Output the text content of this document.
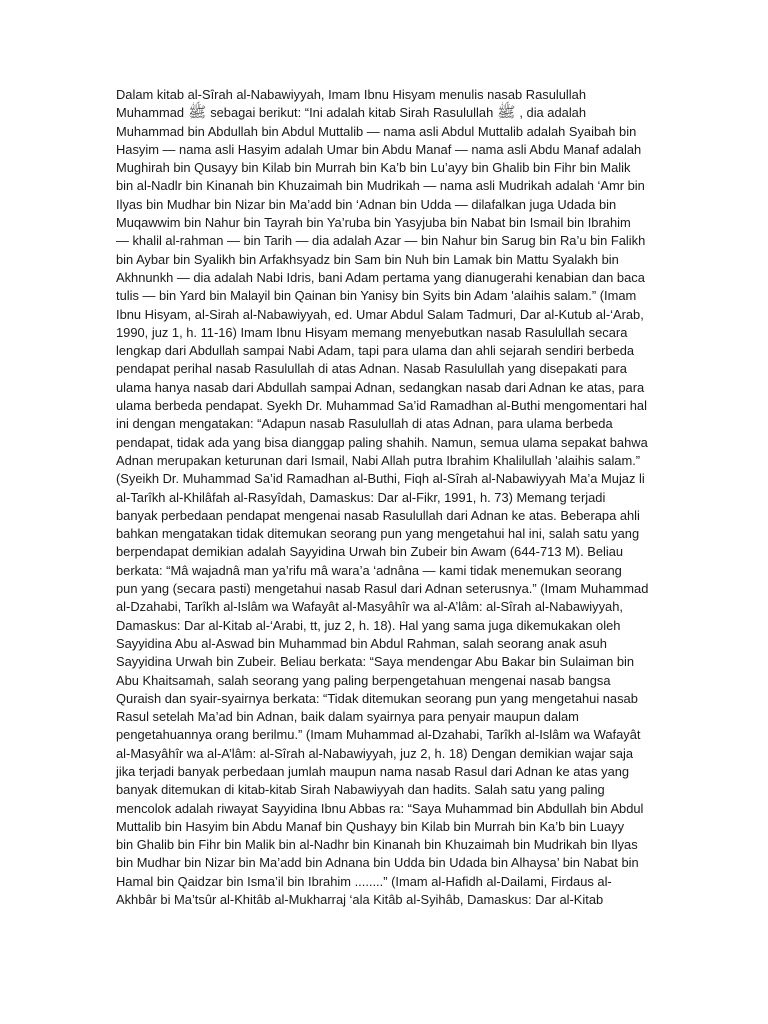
Dalam kitab al-Sîrah al-Nabawiyyah, Imam Ibnu Hisyam menulis nasab Rasulullah
Muhammad ﷺ sebagai berikut: “Ini adalah kitab Sirah Rasulullah ﷺ , dia adalah
Muhammad bin Abdullah bin Abdul Muttalib — nama asli Abdul Muttalib adalah Syaibah bin
Hasyim — nama asli Hasyim adalah Umar bin Abdu Manaf — nama asli Abdu Manaf adalah
Mughirah bin Qusayy bin Kilab bin Murrah bin Ka’b bin Lu’ayy bin Ghalib bin Fihr bin Malik
bin al-Nadlr bin Kinanah bin Khuzaimah bin Mudrikah — nama asli Mudrikah adalah ‘Amr bin
Ilyas bin Mudhar bin Nizar bin Ma’add bin ‘Adnan bin Udda — dilafalkan juga Udada bin
Muqawwim bin Nahur bin Tayrah bin Ya’ruba bin Yasyjuba bin Nabat bin Ismail bin Ibrahim
— khalil al-rahman — bin Tarih — dia adalah Azar — bin Nahur bin Sarug bin Ra’u bin Falikh
bin Aybar bin Syalikh bin Arfakhsyadz bin Sam bin Nuh bin Lamak bin Mattu Syalakh bin
Akhnunkh — dia adalah Nabi Idris, bani Adam pertama yang dianugerahi kenabian dan baca
tulis — bin Yard bin Malayil bin Qainan bin Yanisy bin Syits bin Adam 'alaihis salam.” (Imam
Ibnu Hisyam, al-Sirah al-Nabawiyyah, ed. Umar Abdul Salam Tadmuri, Dar al-Kutub al-‘Arab,
1990, juz 1, h. 11-16) Imam Ibnu Hisyam memang menyebutkan nasab Rasulullah secara
lengkap dari Abdullah sampai Nabi Adam, tapi para ulama dan ahli sejarah sendiri berbeda
pendapat perihal nasab Rasulullah di atas Adnan. Nasab Rasulullah yang disepakati para
ulama hanya nasab dari Abdullah sampai Adnan, sedangkan nasab dari Adnan ke atas, para
ulama berbeda pendapat. Syekh Dr. Muhammad Sa’id Ramadhan al-Buthi mengomentari hal
ini dengan mengatakan: “Adapun nasab Rasulullah di atas Adnan, para ulama berbeda
pendapat, tidak ada yang bisa dianggap paling shahih. Namun, semua ulama sepakat bahwa
Adnan merupakan keturunan dari Ismail, Nabi Allah putra Ibrahim Khalilullah 'alaihis salam.”
(Syeikh Dr. Muhammad Sa’id Ramadhan al-Buthi, Fiqh al-Sîrah al-Nabawiyyah Ma’a Mujaz li
al-Tarîkh al-Khilâfah al-Rasyîdah, Damaskus: Dar al-Fikr, 1991, h. 73) Memang terjadi
banyak perbedaan pendapat mengenai nasab Rasulullah dari Adnan ke atas. Beberapa ahli
bahkan mengatakan tidak ditemukan seorang pun yang mengetahui hal ini, salah satu yang
berpendapat demikian adalah Sayyidina Urwah bin Zubeir bin Awam (644-713 M). Beliau
berkata: “Mâ wajadnâ man ya’rifu mâ wara’a ‘adnâna — kami tidak menemukan seorang
pun yang (secara pasti) mengetahui nasab Rasul dari Adnan seterusnya.” (Imam Muhammad
al-Dzahabi, Tarîkh al-Islâm wa Wafayât al-Masyâhîr wa al-A’lâm: al-Sîrah al-Nabawiyyah,
Damaskus: Dar al-Kitab al-‘Arabi, tt, juz 2, h. 18). Hal yang sama juga dikemukakan oleh
Sayyidina Abu al-Aswad bin Muhammad bin Abdul Rahman, salah seorang anak asuh
Sayyidina Urwah bin Zubeir. Beliau berkata: “Saya mendengar Abu Bakar bin Sulaiman bin
Abu Khaitsamah, salah seorang yang paling berpengetahuan mengenai nasab bangsa
Quraish dan syair-syairnya berkata: “Tidak ditemukan seorang pun yang mengetahui nasab
Rasul setelah Ma’ad bin Adnan, baik dalam syairnya para penyair maupun dalam
pengetahuannya orang berilmu.” (Imam Muhammad al-Dzahabi, Tarîkh al-Islâm wa Wafayât
al-Masyâhîr wa al-A’lâm: al-Sîrah al-Nabawiyyah, juz 2, h. 18) Dengan demikian wajar saja
jika terjadi banyak perbedaan jumlah maupun nama nasab Rasul dari Adnan ke atas yang
banyak ditemukan di kitab-kitab Sirah Nabawiyyah dan hadits. Salah satu yang paling
mencolok adalah riwayat Sayyidina Ibnu Abbas ra: “Saya Muhammad bin Abdullah bin Abdul
Muttalib bin Hasyim bin Abdu Manaf bin Qushayy bin Kilab bin Murrah bin Ka’b bin Luayy
bin Ghalib bin Fihr bin Malik bin al-Nadhr bin Kinanah bin Khuzaimah bin Mudrikah bin Ilyas
bin Mudhar bin Nizar bin Ma’add bin Adnana bin Udda bin Udada bin Alhaysa’ bin Nabat bin
Hamal bin Qaidzar bin Isma’il bin Ibrahim ........” (Imam al-Hafidh al-Dailami, Firdaus al-
Akhbâr bi Ma’tsûr al-Khitâb al-Mukharraj ‘ala Kitâb al-Syihâb, Damaskus: Dar al-Kitab
